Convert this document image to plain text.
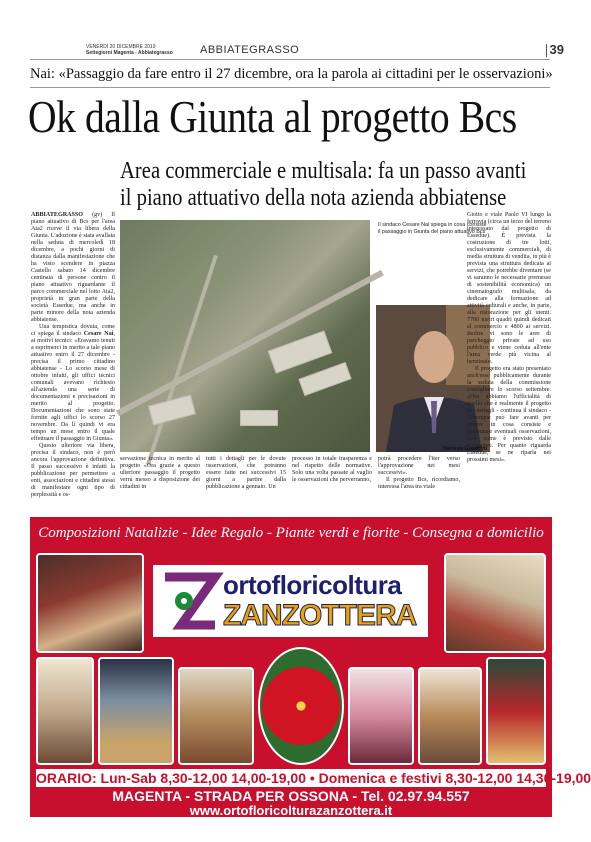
VENERDÌ 20 DICEMBRE 2019
Settegiorni Magenta - Abbiategrasso ABBIATEGRASSO	39
Nai: «Passaggio da fare entro il 27 dicembre, ora la parola ai cittadini per le osservazioni»
Ok dalla Giunta al progetto Bcs
Area commerciale e multisala: fa un passo avanti
il piano attuativo della nota azienda abbiatense
ABBIATEGRASSO (gv) Il piano attuativo di Bcs per l'area Ata2 riceve il via libera della Giunta. L'adozione è stata avallata nella seduta di mercoledì 18 dicembre, a pochi giorni di distanza dalla manifestazione che ha visto scendere in piazza Castello sabato 14 dicembre centinaia di persone contro il piano attuativo riguardante il parco commerciale nel lotto Ata2, proprietà in gran parte della società Essedue, ma anche in parte minore della nota azienda abbiatense.
Una tempistica dovuta, come ci spiega il sindaco Cesare Nai, ai motivi tecnici: «Eravamo tenuti a esprimerci in merito a tale piano attuativo entro il 27 dicembre - precisa il primo cittadino abbiatense - Lo scorso mese di ottobre infatti, gli uffici tecnici comunali avevano richiesto all'azienda una serie di documentazioni e precisazioni in merito al progetto. Documentazioni che sono state fornite agli uffici lo scorso 27 novembre. Da lì quindi vi era tempo un mese entro il quale effettuare il passaggio in Giunta».
Questo ulteriore via libera, precisa il sindaco, non è però ancora l'approvazione definitiva. Il passo successivo è infatti la pubblicazione per permettere a enti, associazioni e cittadini stessi di manifestare ogni tipo di perplessità e os-
Il sindaco Cesare Nai spiega in cosa consiste il passaggio in Giunta del piano attuativo Bcs
servazione tecnica in merito al progetto «Ora grazie a questo ulteriore passaggio il progetto verrà messo a disposizione dei cittadini in
tutti i dettagli per le dovute osservazioni, che potranno essere fatte nei successivi 15 giorni a partire dalla pubblicazione a gennaio. Un
processo in totale trasparenza e nel rispetto delle normative. Solo una volta passate al vaglio le osservazioni che perverranno,
potrà procedere l'iter verso l'approvazione nei mesi successivi».
Il progetto Bcs, ricordiamo, interessa l'area tra viale
Giotto e viale Paolo VI lungo la ferrovia (circa un terzo del terreno interessato dal progetto di Essedue). È prevista la costruzione di tre lotti, esclusivamente commerciali, di media struttura di vendita, in più è prevista una struttura dedicata ai servizi, che potrebbe diventare (se vi saranno le necessarie premesse di sostenibilità economica) un cinematografo multisala, da dedicare alla formazione ad attività culturali e anche, in parte, alla ristorazione per gli utenti. 7700 metri quadri quindi dedicati al commercio e 4800 ai servizi. Inoltre vi sono le aree di parcheggio private ad uso pubblico e viene ceduta all'ente l'area verde più vicina al benzinaio.
Il progetto era stato presentato anch'esso pubblicamente durante la seduta della commissione consigliare lo scorso settembre. «Ora abbiamo l'ufficialità di quello che è realmente il progetto nei dettagli - continua il sindaco - Chiunque può fare avanti per vedere in cosa consiste e presentare eventuali osservazioni, così come è previsto dalle normative. Per quanto riguarda Essedue, se ne riparla nei prossimi mesi».
Nerissa Guadrini
Composizioni Natalizie - Idee Regalo - Piante verdi e fiorite - Consegna a domicilio
ortofloricoltura
ZANZOTTERA
ORARIO: Lun-Sab 8,30-12,00 14,00-19,00 • Domenica e festivi 8,30-12,00 14,30-19,00
MAGENTA - STRADA PER OSSONA - Tel. 02.97.94.557
www.ortofloricolturazanzottera.it
